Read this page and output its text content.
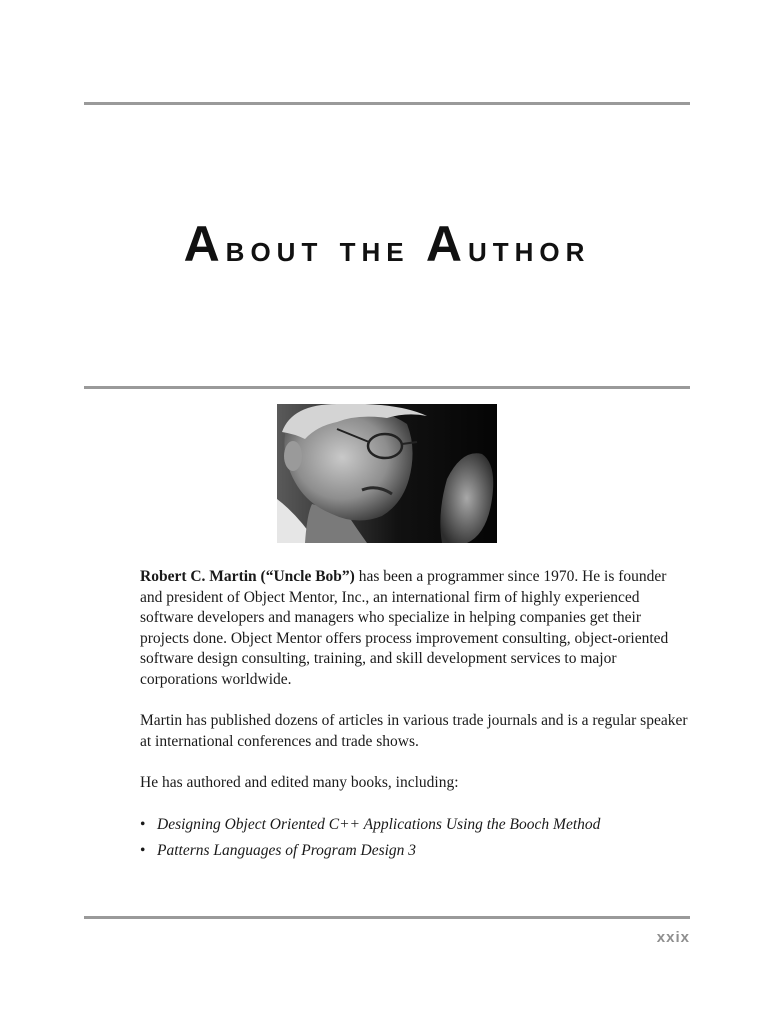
About the Author

Robert C. Martin (“Uncle Bob”) has been a programmer since 1970. He is founder and president of Object Mentor, Inc., an international firm of highly experienced software developers and managers who specialize in helping companies get their projects done. Object Mentor offers process improvement consulting, object-oriented software design consulting, training, and skill development services to major corporations worldwide.

Martin has published dozens of articles in various trade journals and is a regular speaker at international conferences and trade shows.

He has authored and edited many books, including:

• Designing Object Oriented C++ Applications Using the Booch Method
• Patterns Languages of Program Design 3
xxix
